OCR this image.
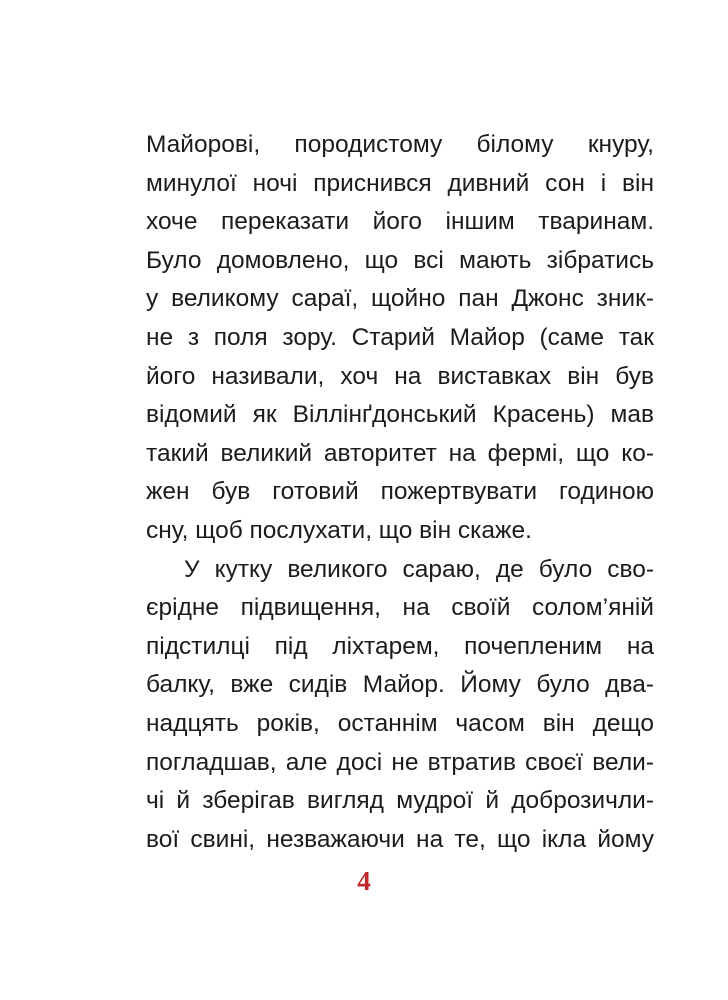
Майорові, породистому білому кнуру,
минулої ночі приснився дивний сон і він
хоче переказати його іншим тваринам.
Було домовлено, що всі мають зібратись
у великому сараї, щойно пан Джонс зник-
не з поля зору. Старий Майор (саме так
його називали, хоч на виставках він був
відомий як Віллінґдонський Красень) мав
такий великий авторитет на фермі, що ко-
жен був готовий пожертвувати годиною
сну, щоб послухати, що він скаже.
У кутку великого сараю, де було сво-
єрідне підвищення, на своїй солом’яній
підстилці під ліхтарем, почепленим на
балку, вже сидів Майор. Йому було два-
надцять років, останнім часом він дещо
погладшав, але досі не втратив своєї вели-
чі й зберігав вигляд мудрої й доброзичли-
вої свині, незважаючи на те, що ікла йому
4
